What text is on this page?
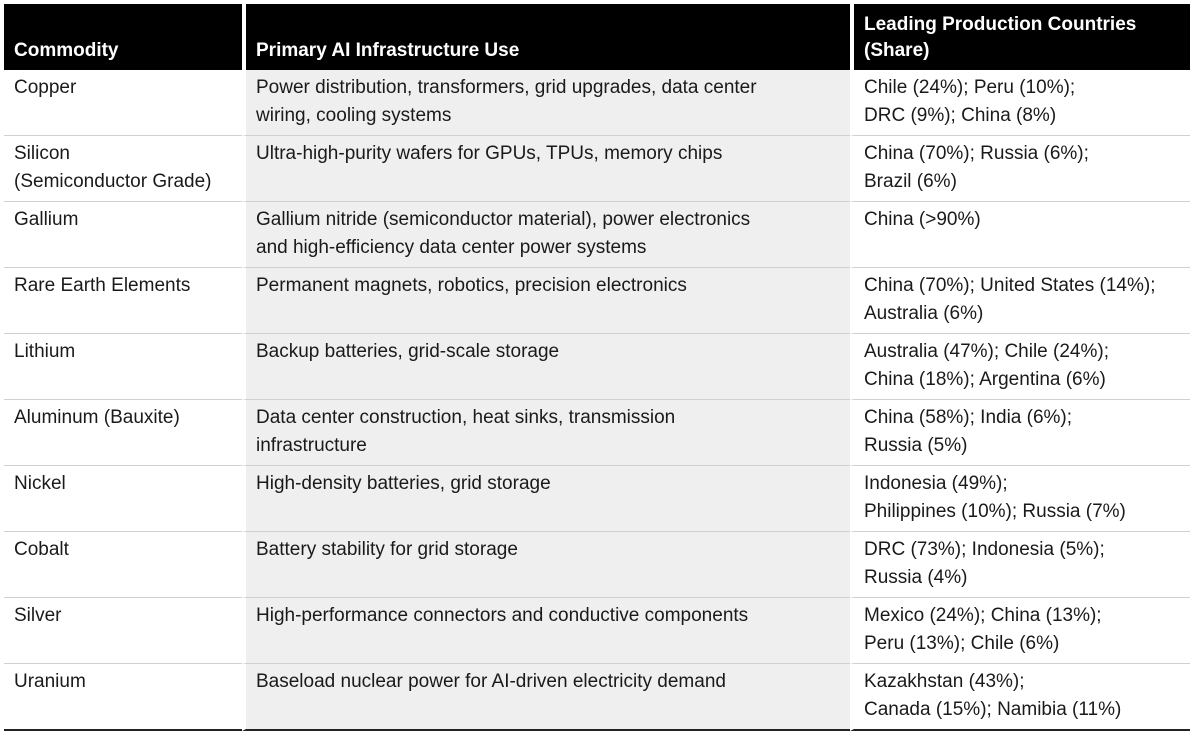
Commodity	Primary AI Infrastructure Use	Leading Production Countries (Share)

Copper	Power distribution, transformers, grid upgrades, data center
wiring, cooling systems	Chile (24%); Peru (10%);
DRC (9%); China (8%)

Silicon
(Semiconductor Grade)	Ultra-high-purity wafers for GPUs, TPUs, memory chips	China (70%); Russia (6%);
Brazil (6%)

Gallium	Gallium nitride (semiconductor material), power electronics
and high-efficiency data center power systems	China (>90%)

Rare Earth Elements	Permanent magnets, robotics, precision electronics	China (70%); United States (14%);
Australia (6%)

Lithium	Backup batteries, grid-scale storage	Australia (47%); Chile (24%);
China (18%); Argentina (6%)

Aluminum (Bauxite)	Data center construction, heat sinks, transmission
infrastructure	China (58%); India (6%);
Russia (5%)

Nickel	High-density batteries, grid storage	Indonesia (49%);
Philippines (10%); Russia (7%)

Cobalt	Battery stability for grid storage	DRC (73%); Indonesia (5%);
Russia (4%)

Silver	High-performance connectors and conductive components	Mexico (24%); China (13%);
Peru (13%); Chile (6%)

Uranium	Baseload nuclear power for AI-driven electricity demand	Kazakhstan (43%);
Canada (15%); Namibia (11%)
